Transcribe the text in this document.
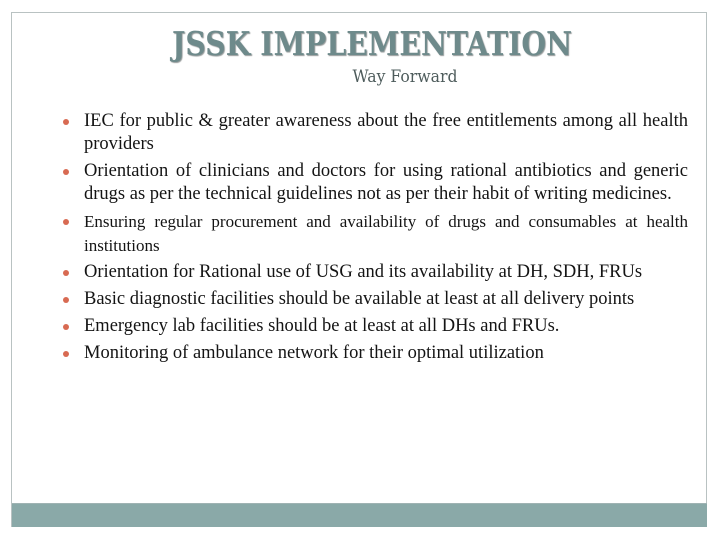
JSSK IMPLEMENTATION
Way Forward
IEC for public & greater awareness about the free entitlements among all health providers
Orientation of clinicians and doctors for using rational antibiotics and generic drugs as per the technical guidelines not as per their habit of writing medicines.
Ensuring regular procurement and availability of drugs and consumables at health institutions
Orientation for Rational use of USG and its availability at DH, SDH, FRUs
Basic diagnostic facilities should be available at least at all delivery points
Emergency lab facilities should be at least at all DHs and FRUs.
Monitoring of ambulance network for their optimal utilization
